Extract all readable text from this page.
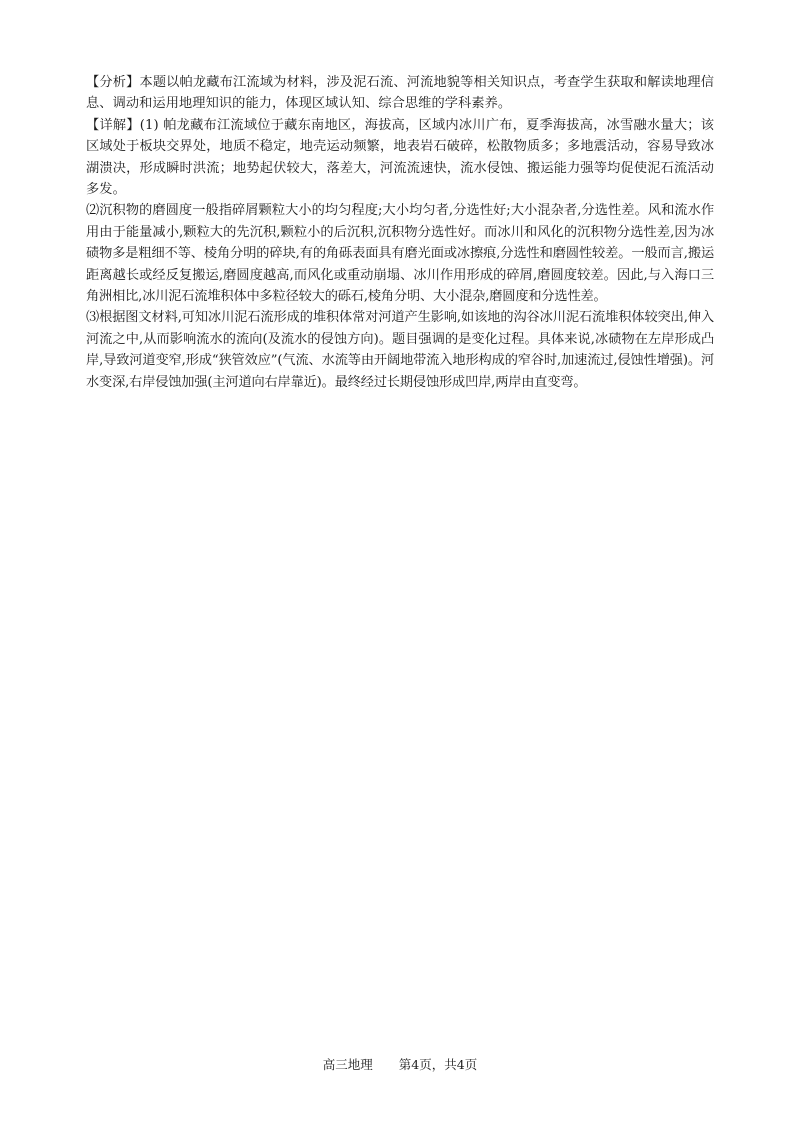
【分析】本题以帕龙藏布江流域为材料，涉及泥石流、河流地貌等相关知识点，考查学生获取和解读地理信息、调动和运用地理知识的能力，体现区域认知、综合思维的学科素养。

【详解】(1) 帕龙藏布江流域位于藏东南地区，海拔高，区域内冰川广布，夏季海拔高，冰雪融水量大；该区域处于板块交界处，地质不稳定，地壳运动频繁，地表岩石破碎，松散物质多；多地震活动，容易导致冰湖溃决，形成瞬时洪流；地势起伏较大，落差大，河流流速快，流水侵蚀、搬运能力强等均促使泥石流活动多发。

⑵沉积物的磨圆度一般指碎屑颗粒大小的均匀程度;大小均匀者,分选性好;大小混杂者,分选性差。风和流水作用由于能量减小,颗粒大的先沉积,颗粒小的后沉积,沉积物分选性好。而冰川和风化的沉积物分选性差,因为冰碛物多是粗细不等、棱角分明的碎块,有的角砾表面具有磨光面或冰擦痕,分选性和磨圆性较差。一般而言,搬运距离越长或经反复搬运,磨圆度越高,而风化或重动崩塌、冰川作用形成的碎屑,磨圆度较差。因此,与入海口三角洲相比,冰川泥石流堆积体中多粒径较大的砾石,棱角分明、大小混杂,磨圆度和分选性差。

⑶根据图文材料,可知冰川泥石流形成的堆积体常对河道产生影响,如该地的沟谷冰川泥石流堆积体较突出,伸入河流之中,从而影响流水的流向(及流水的侵蚀方向)。题目强调的是变化过程。具体来说,冰碛物在左岸形成凸岸,导致河道变窄,形成“狭管效应”(气流、水流等由开阔地带流入地形构成的窄谷时,加速流过,侵蚀性增强)。河水变深,右岸侵蚀加强(主河道向右岸靠近)。最终经过长期侵蚀形成凹岸,两岸由直变弯。

高三地理 第4页，共4页
